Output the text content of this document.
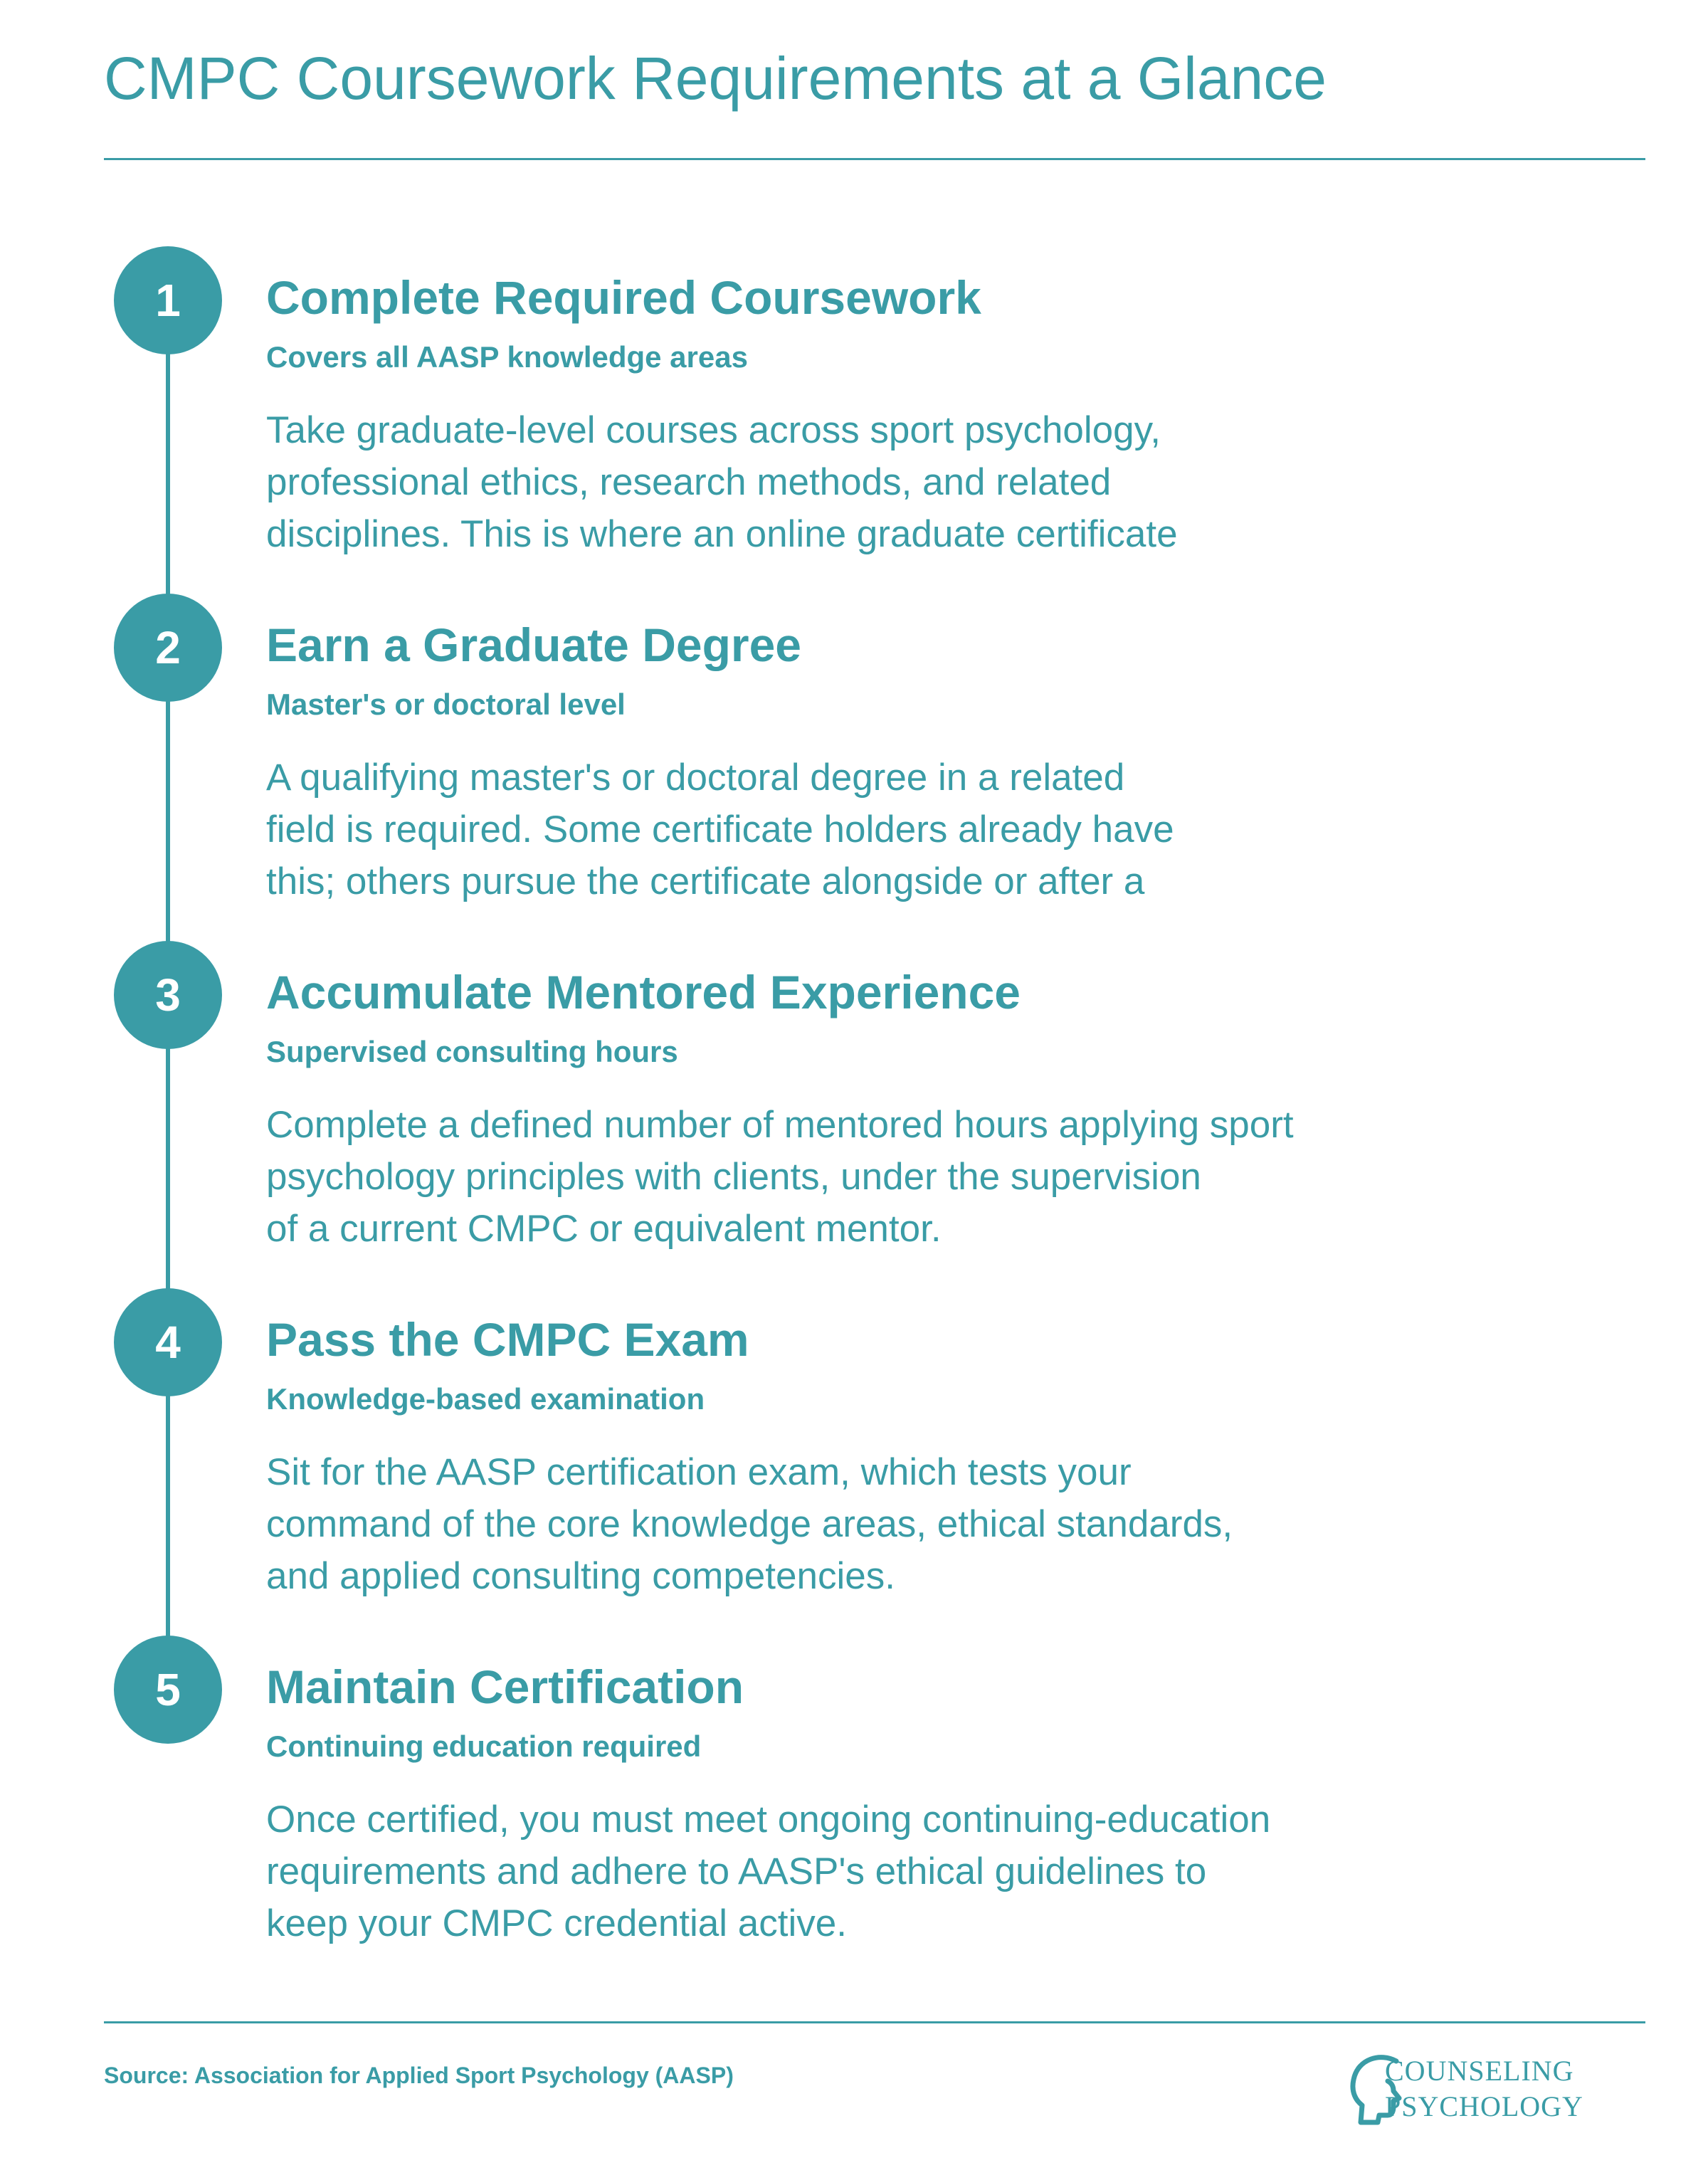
CMPC Coursework Requirements at a Glance
1	Complete Required Coursework
Covers all AASP knowledge areas

Take graduate-level courses across sport psychology,
professional ethics, research methods, and related
disciplines. This is where an online graduate certificate

2	Earn a Graduate Degree
Master's or doctoral level

A qualifying master's or doctoral degree in a related
field is required. Some certificate holders already have
this; others pursue the certificate alongside or after a

3	Accumulate Mentored Experience
Supervised consulting hours

Complete a defined number of mentored hours applying sport
psychology principles with clients, under the supervision
of a current CMPC or equivalent mentor.

4	Pass the CMPC Exam
Knowledge-based examination

Sit for the AASP certification exam, which tests your
command of the core knowledge areas, ethical standards,
and applied consulting competencies.

5	Maintain Certification
Continuing education required

Once certified, you must meet ongoing continuing-education
requirements and adhere to AASP's ethical guidelines to
keep your CMPC credential active.

Source: Association for Applied Sport Psychology (AASP)	COUNSELING
PSYCHOLOGY
